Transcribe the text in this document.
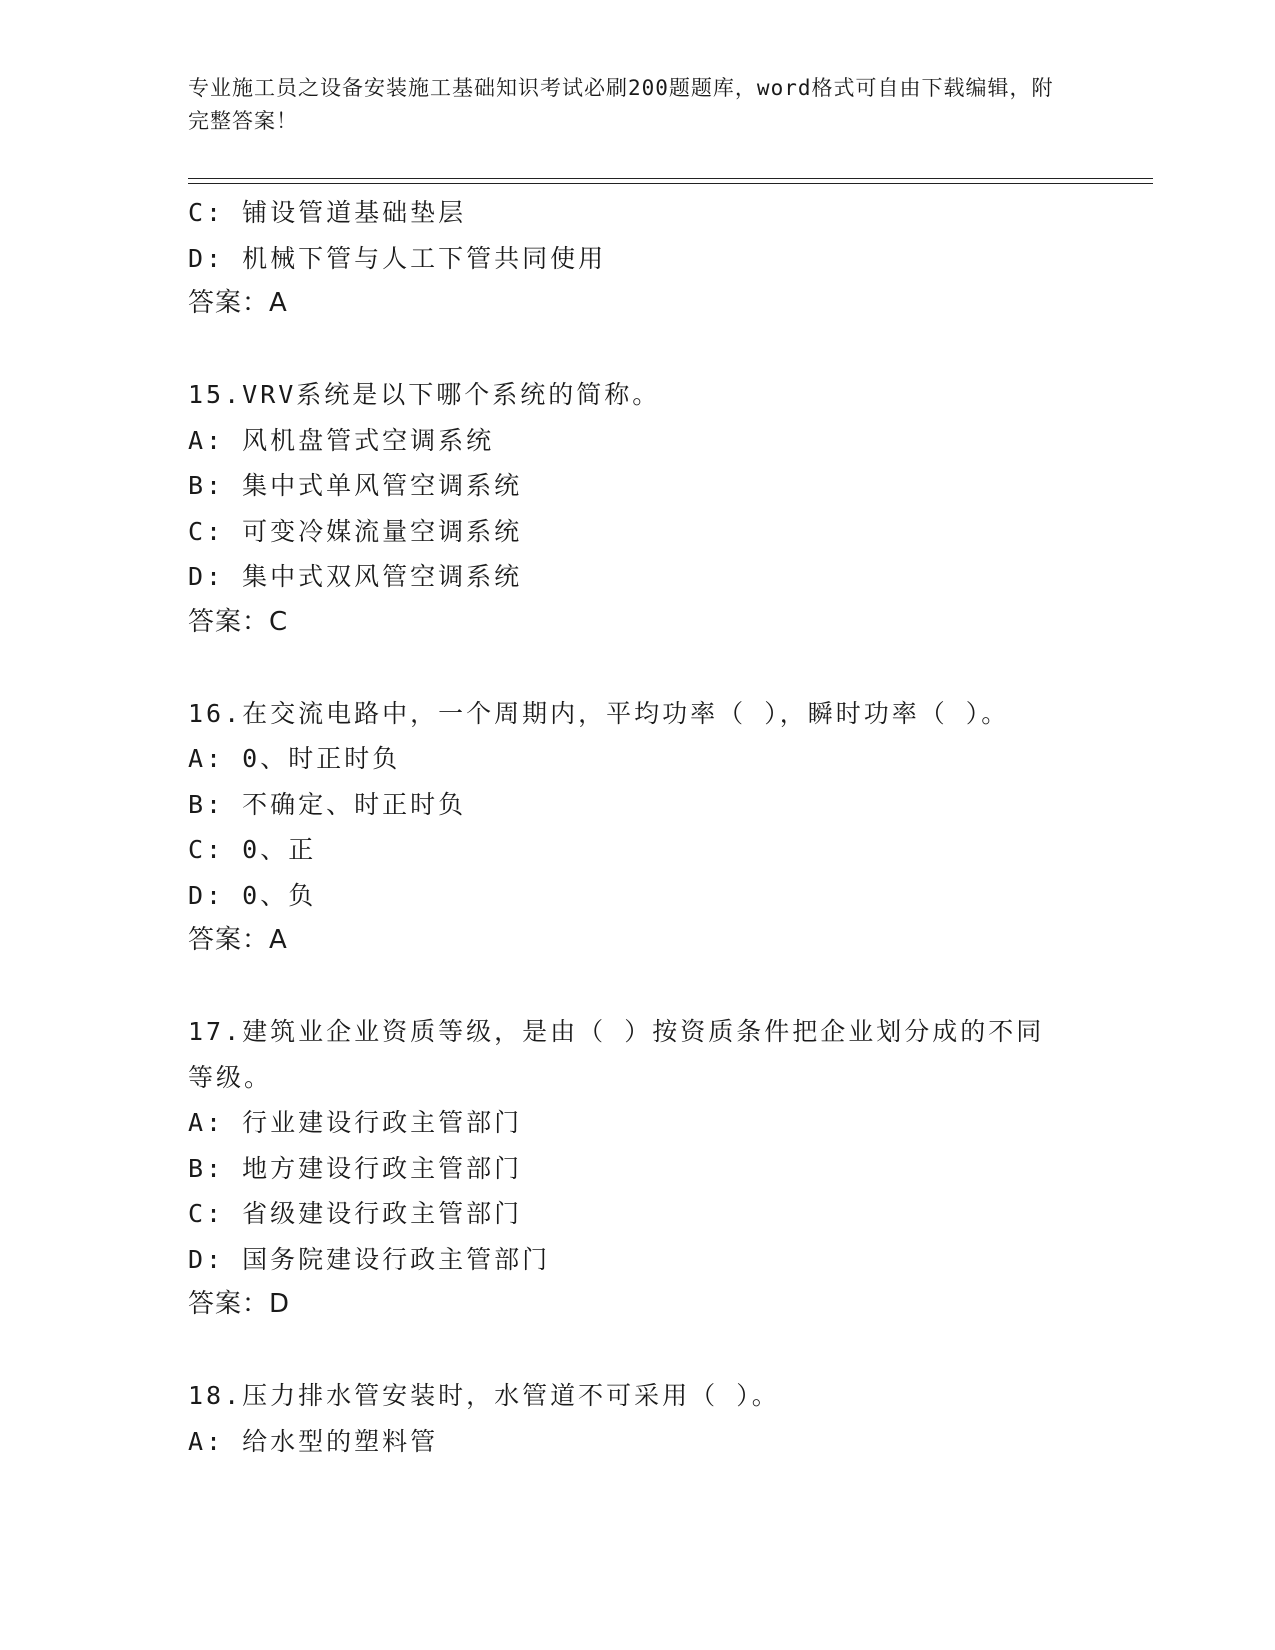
专业施工员之设备安装施工基础知识考试必刷200题题库，word格式可自由下载编辑，附完整答案！
C: 铺设管道基础垫层
D: 机械下管与人工下管共同使用
答案：A
15.VRV系统是以下哪个系统的简称。
A: 风机盘管式空调系统
B: 集中式单风管空调系统
C: 可变冷媒流量空调系统
D: 集中式双风管空调系统
答案：C
16.在交流电路中，一个周期内，平均功率（ ），瞬时功率（ ）。
A: 0、时正时负
B: 不确定、时正时负
C: 0、正
D: 0、负
答案：A
17.建筑业企业资质等级，是由（ ）按资质条件把企业划分成的不同等级。
A: 行业建设行政主管部门
B: 地方建设行政主管部门
C: 省级建设行政主管部门
D: 国务院建设行政主管部门
答案：D
18.压力排水管安装时，水管道不可采用（ ）。
A: 给水型的塑料管
